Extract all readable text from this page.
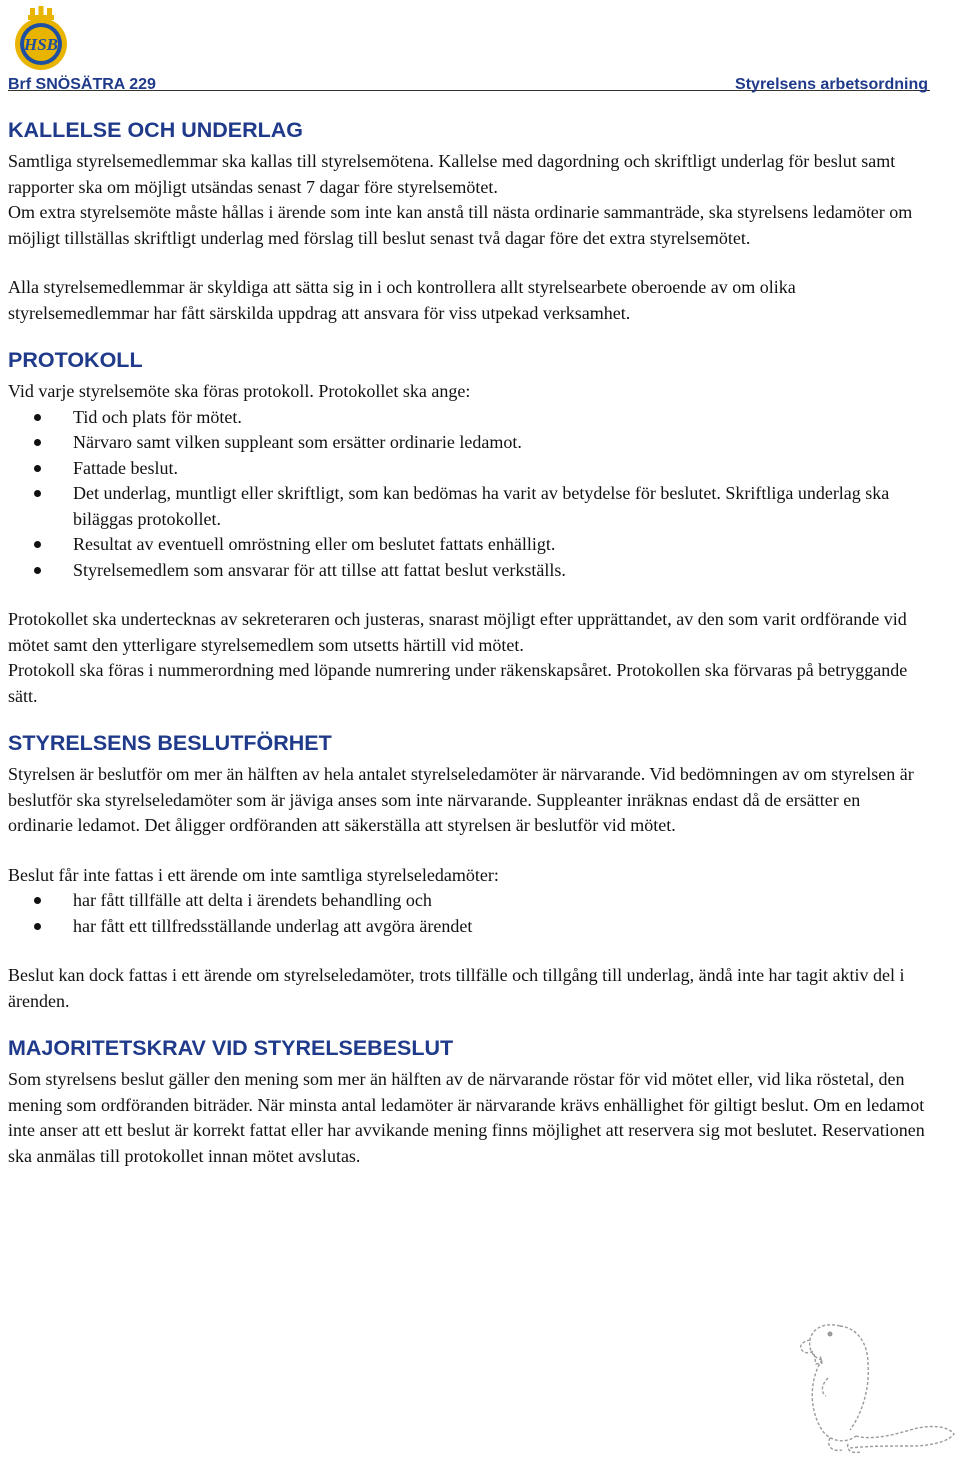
HSB
Brf SNÖSÄTRA 229	Styrelsens arbetsordning
KALLELSE OCH UNDERLAG

Samtliga styrelsemedlemmar ska kallas till styrelsemötena. Kallelse med dagordning och skriftligt underlag för beslut samt rapporter ska om möjligt utsändas senast 7 dagar före styrelsemötet.

Om extra styrelsemöte måste hållas i ärende som inte kan anstå till nästa ordinarie sammanträde, ska styrelsens ledamöter om möjligt tillställas skriftligt underlag med förslag till beslut senast två dagar före det extra styrelsemötet.

Alla styrelsemedlemmar är skyldiga att sätta sig in i och kontrollera allt styrelsearbete oberoende av om olika styrelsemedlemmar har fått särskilda uppdrag att ansvara för viss utpekad verksamhet.

PROTOKOLL

Vid varje styrelsemöte ska föras protokoll. Protokollet ska ange:

Tid och plats för mötet.
Närvaro samt vilken suppleant som ersätter ordinarie ledamot.
Fattade beslut.
Det underlag, muntligt eller skriftligt, som kan bedömas ha varit av betydelse för beslutet. Skriftliga underlag ska biläggas protokollet.
Resultat av eventuell omröstning eller om beslutet fattats enhälligt.
Styrelsemedlem som ansvarar för att tillse att fattat beslut verkställs.

Protokollet ska undertecknas av sekreteraren och justeras, snarast möjligt efter upprättandet, av den som varit ordförande vid mötet samt den ytterligare styrelsemedlem som utsetts härtill vid mötet.

Protokoll ska föras i nummerordning med löpande numrering under räkenskapsåret. Protokollen ska förvaras på betryggande sätt.

STYRELSENS BESLUTFÖRHET

Styrelsen är beslutför om mer än hälften av hela antalet styrelseledamöter är närvarande. Vid bedömningen av om styrelsen är beslutför ska styrelseledamöter som är jäviga anses som inte närvarande. Suppleanter inräknas endast då de ersätter en ordinarie ledamot. Det åligger ordföranden att säkerställa att styrelsen är beslutför vid mötet.

Beslut får inte fattas i ett ärende om inte samtliga styrelseledamöter:

har fått tillfälle att delta i ärendets behandling och
har fått ett tillfredsställande underlag att avgöra ärendet

Beslut kan dock fattas i ett ärende om styrelseledamöter, trots tillfälle och tillgång till underlag, ändå inte har tagit aktiv del i ärenden.

MAJORITETSKRAV VID STYRELSEBESLUT

Som styrelsens beslut gäller den mening som mer än hälften av de närvarande röstar för vid mötet eller, vid lika röstetal, den mening som ordföranden biträder. När minsta antal ledamöter är närvarande krävs enhällighet för giltigt beslut. Om en ledamot inte anser att ett beslut är korrekt fattat eller har avvikande mening finns möjlighet att reservera sig mot beslutet. Reservationen ska anmälas till protokollet innan mötet avslutas.
